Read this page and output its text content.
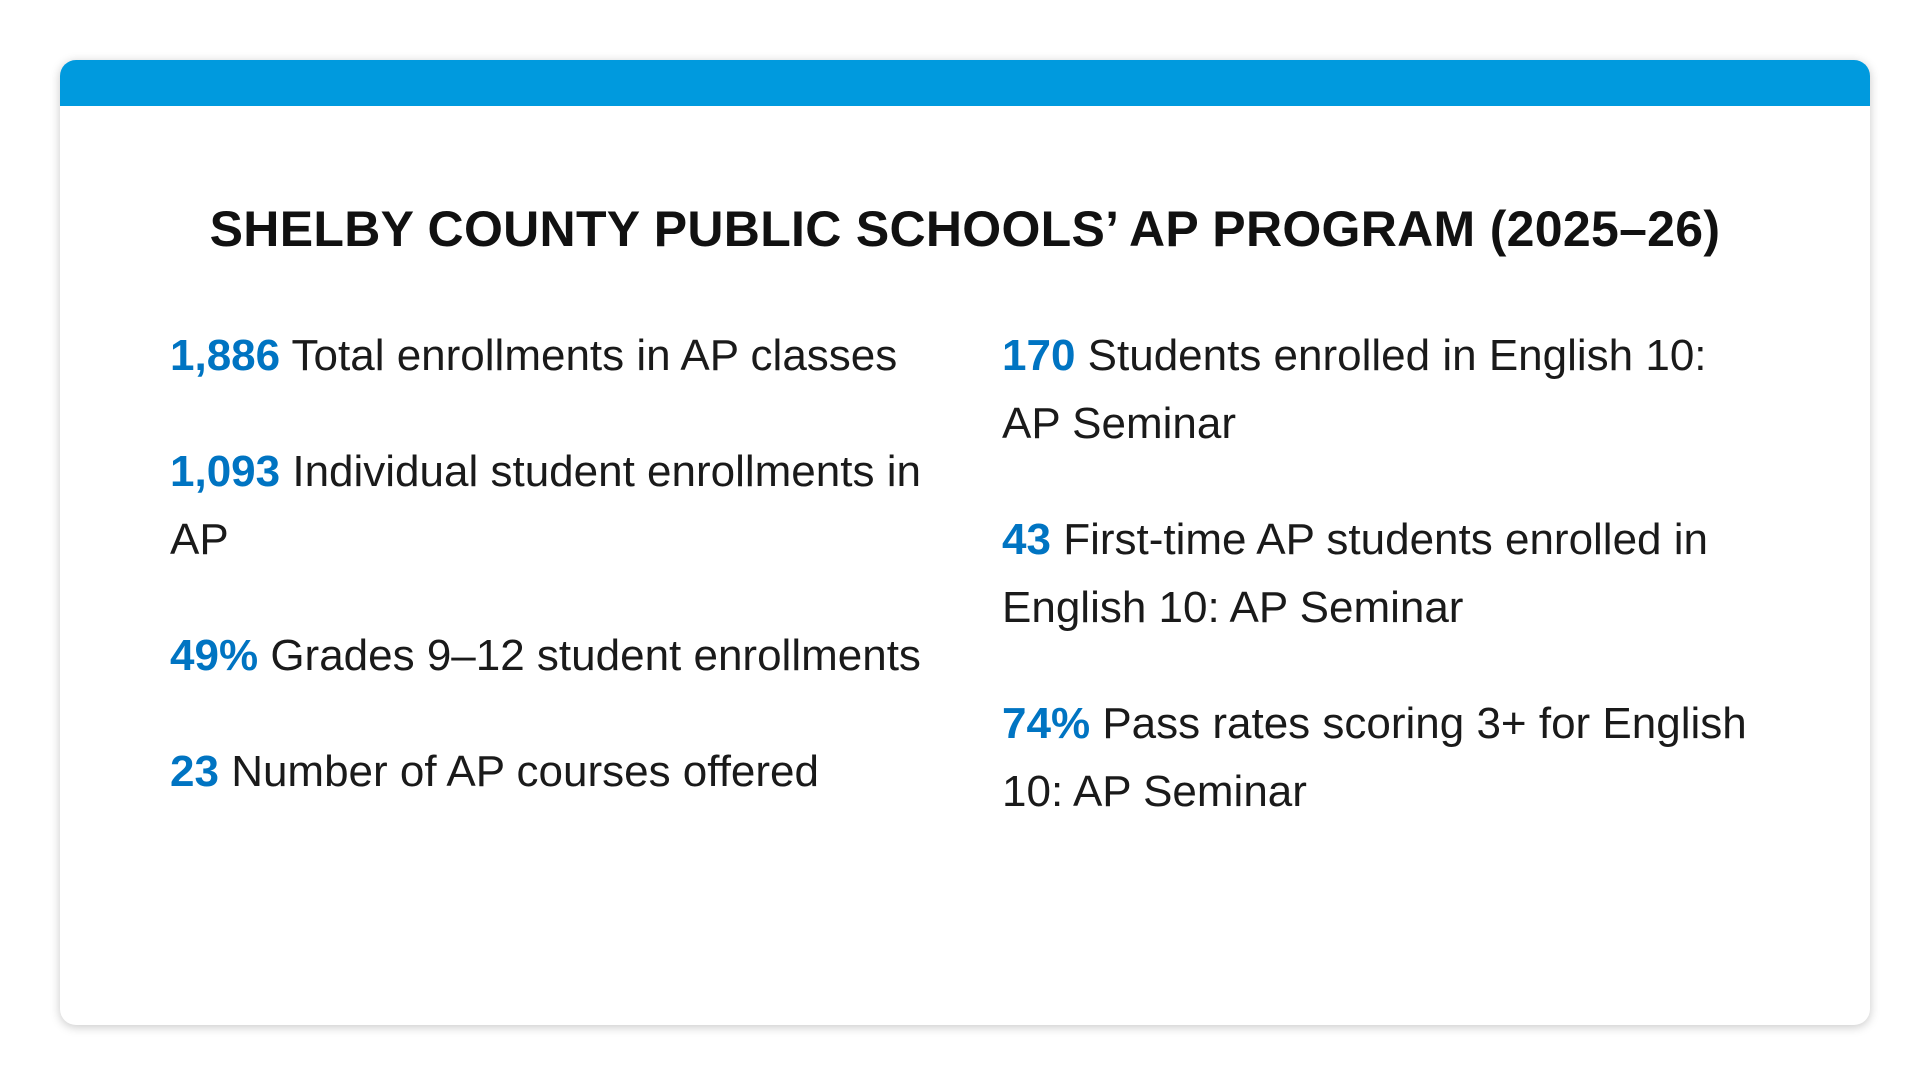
SHELBY COUNTY PUBLIC SCHOOLS’ AP PROGRAM (2025–26)

1,886 Total enrollments in AP classes

1,093 Individual student enrollments in AP

49% Grades 9–12 student enrollments

23 Number of AP courses offered

170 Students enrolled in English 10: AP Seminar

43 First-time AP students enrolled in English 10: AP Seminar

74% Pass rates scoring 3+ for English 10: AP Seminar
